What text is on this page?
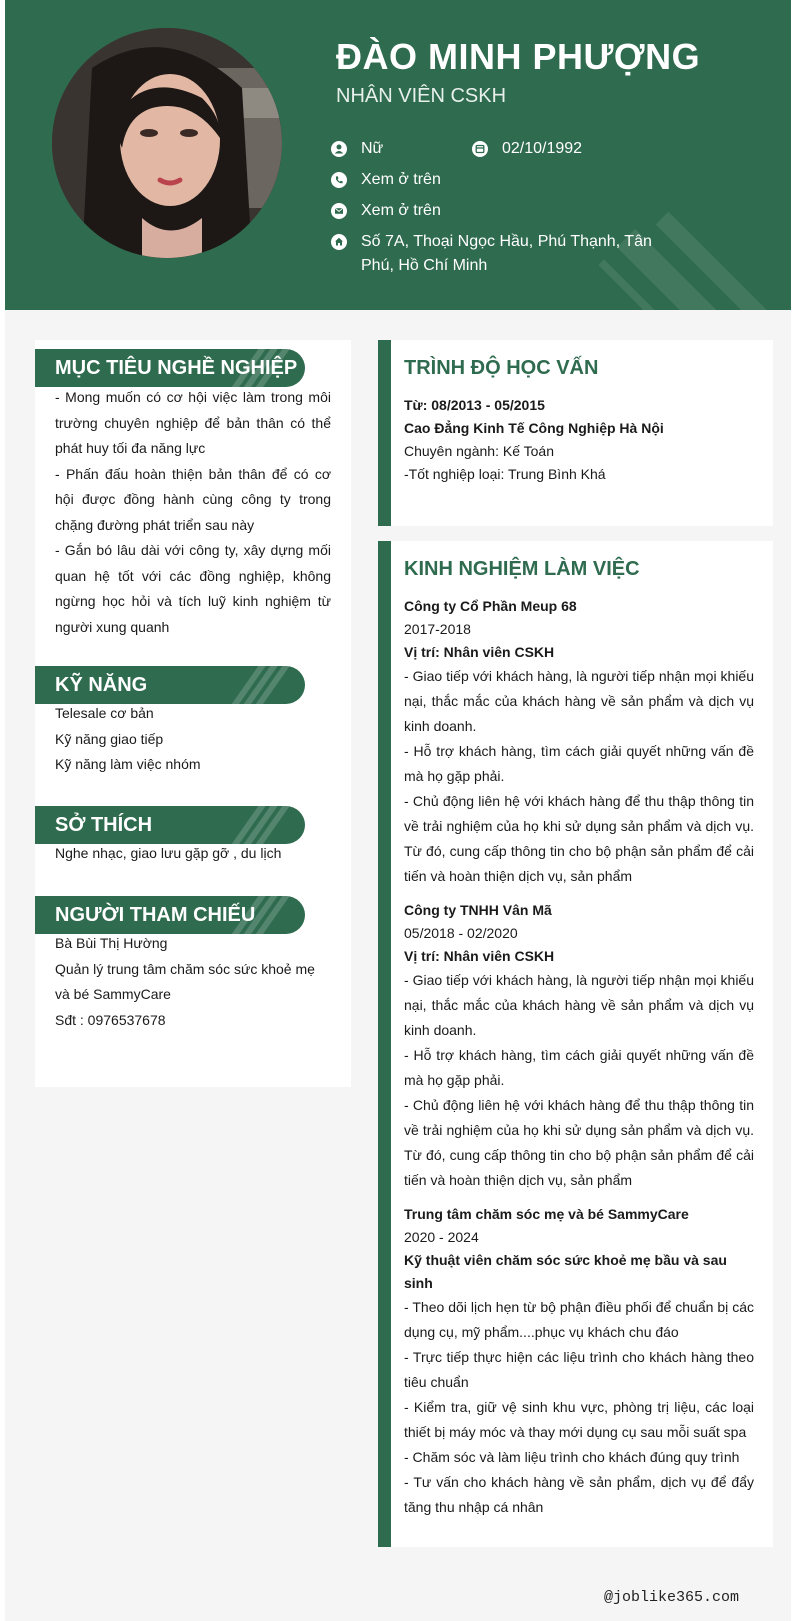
ĐÀO MINH PHƯỢNG
NHÂN VIÊN CSKH
Nữ	02/10/1992
Xem ở trên
Xem ở trên
Số 7A, Thoại Ngọc Hầu, Phú Thạnh, Tân Phú, Hồ Chí Minh
MỤC TIÊU NGHỀ NGHIỆP

- Mong muốn có cơ hội việc làm trong môi trường chuyên nghiệp để bản thân có thể phát huy tối đa năng lực

- Phấn đấu hoàn thiện bản thân để có cơ hội được đồng hành cùng công ty trong chặng đường phát triển sau này

- Gắn bó lâu dài với công ty, xây dựng mối quan hệ tốt với các đồng nghiệp, không ngừng học hỏi và tích luỹ kinh nghiệm từ người xung quanh

KỸ NĂNG

Telesale cơ bản

Kỹ năng giao tiếp

Kỹ năng làm việc nhóm

SỞ THÍCH

Nghe nhạc, giao lưu gặp gỡ , du lịch

NGƯỜI THAM CHIẾU

Bà Bùi Thị Hường

Quản lý trung tâm chăm sóc sức khoẻ mẹ và bé SammyCare

Sđt : 0976537678

TRÌNH ĐỘ HỌC VẤN
Từ: 08/2013 - 05/2015
Cao Đẳng Kinh Tế Công Nghiệp Hà Nội
Chuyên ngành: Kế Toán
-Tốt nghiệp loại: Trung Bình Khá
KINH NGHIỆM LÀM VIỆC
Công ty Cổ Phần Meup 68
2017-2018
Vị trí: Nhân viên CSKH
- Giao tiếp với khách hàng, là người tiếp nhận mọi khiếu nại, thắc mắc của khách hàng về sản phẩm và dịch vụ kinh doanh.
- Hỗ trợ khách hàng, tìm cách giải quyết những vấn đề mà họ gặp phải.
- Chủ động liên hệ với khách hàng để thu thập thông tin về trải nghiệm của họ khi sử dụng sản phẩm và dịch vụ. Từ đó, cung cấp thông tin cho bộ phận sản phẩm để cải tiến và hoàn thiện dịch vụ, sản phẩm
Công ty TNHH Vân Mã
05/2018 - 02/2020
Vị trí: Nhân viên CSKH
- Giao tiếp với khách hàng, là người tiếp nhận mọi khiếu nại, thắc mắc của khách hàng về sản phẩm và dịch vụ kinh doanh.
- Hỗ trợ khách hàng, tìm cách giải quyết những vấn đề mà họ gặp phải.
- Chủ động liên hệ với khách hàng để thu thập thông tin về trải nghiệm của họ khi sử dụng sản phẩm và dịch vụ. Từ đó, cung cấp thông tin cho bộ phận sản phẩm để cải tiến và hoàn thiện dịch vụ, sản phẩm
Trung tâm chăm sóc mẹ và bé SammyCare
2020 - 2024
Kỹ thuật viên chăm sóc sức khoẻ mẹ bầu và sau sinh
- Theo dõi lịch hẹn từ bộ phận điều phối để chuẩn bị các dụng cụ, mỹ phẩm....phục vụ khách chu đáo
- Trực tiếp thực hiện các liệu trình cho khách hàng theo tiêu chuẩn
- Kiểm tra, giữ vệ sinh khu vực, phòng trị liệu, các loại thiết bị máy móc và thay mới dụng cụ sau mỗi suất spa
- Chăm sóc và làm liệu trình cho khách đúng quy trình
- Tư vấn cho khách hàng về sản phẩm, dịch vụ để đẩy tăng thu nhập cá nhân
@joblike365.com
